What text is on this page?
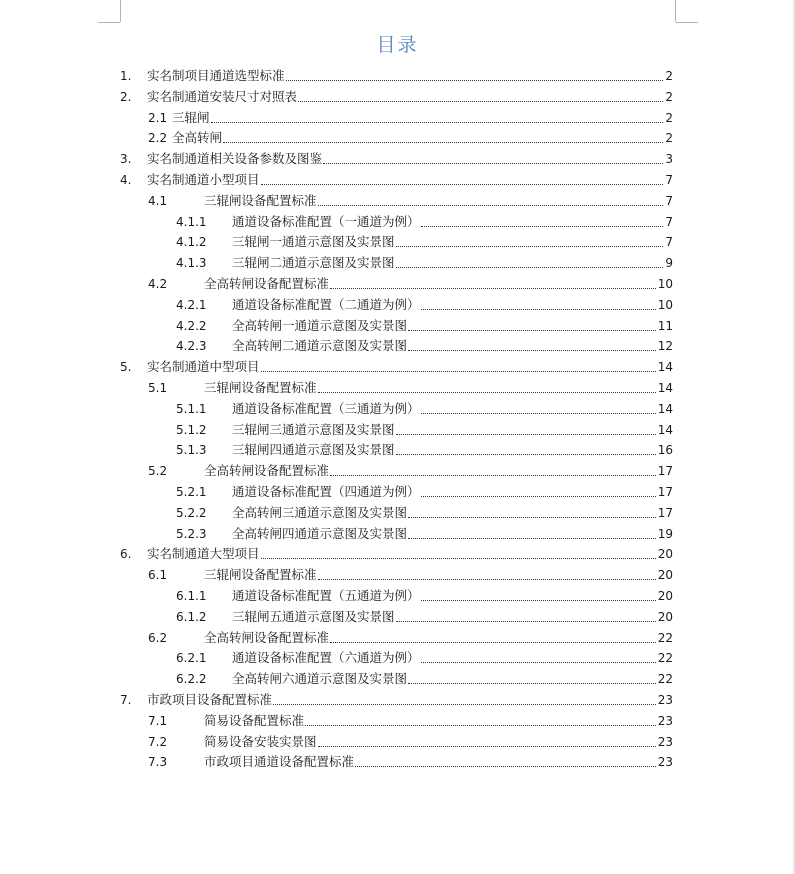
目录
1.	实名制项目通道选型标准	2
2.	实名制通道安装尺寸对照表	2
2.1 三辊闸	2
2.2 全高转闸	2
3.	实名制通道相关设备参数及图鉴	3
4.	实名制通道小型项目	7
4.1	三辊闸设备配置标准	7
4.1.1	通道设备标准配置（一通道为例）	7
4.1.2	三辊闸一通道示意图及实景图	7
4.1.3	三辊闸二通道示意图及实景图	9
4.2	全高转闸设备配置标准	10
4.2.1	通道设备标准配置（二通道为例）	10
4.2.2	全高转闸一通道示意图及实景图	11
4.2.3	全高转闸二通道示意图及实景图	12
5.	实名制通道中型项目	14
5.1	三辊闸设备配置标准	14
5.1.1	通道设备标准配置（三通道为例）	14
5.1.2	三辊闸三通道示意图及实景图	14
5.1.3	三辊闸四通道示意图及实景图	16
5.2	全高转闸设备配置标准	17
5.2.1	通道设备标准配置（四通道为例）	17
5.2.2	全高转闸三通道示意图及实景图	17
5.2.3	全高转闸四通道示意图及实景图	19
6.	实名制通道大型项目	20
6.1	三辊闸设备配置标准	20
6.1.1	通道设备标准配置（五通道为例）	20
6.1.2	三辊闸五通道示意图及实景图	20
6.2	全高转闸设备配置标准	22
6.2.1	通道设备标准配置（六通道为例）	22
6.2.2	全高转闸六通道示意图及实景图	22
7.	市政项目设备配置标准	23
7.1	简易设备配置标准	23
7.2	简易设备安装实景图	23
7.3	市政项目通道设备配置标准	23
